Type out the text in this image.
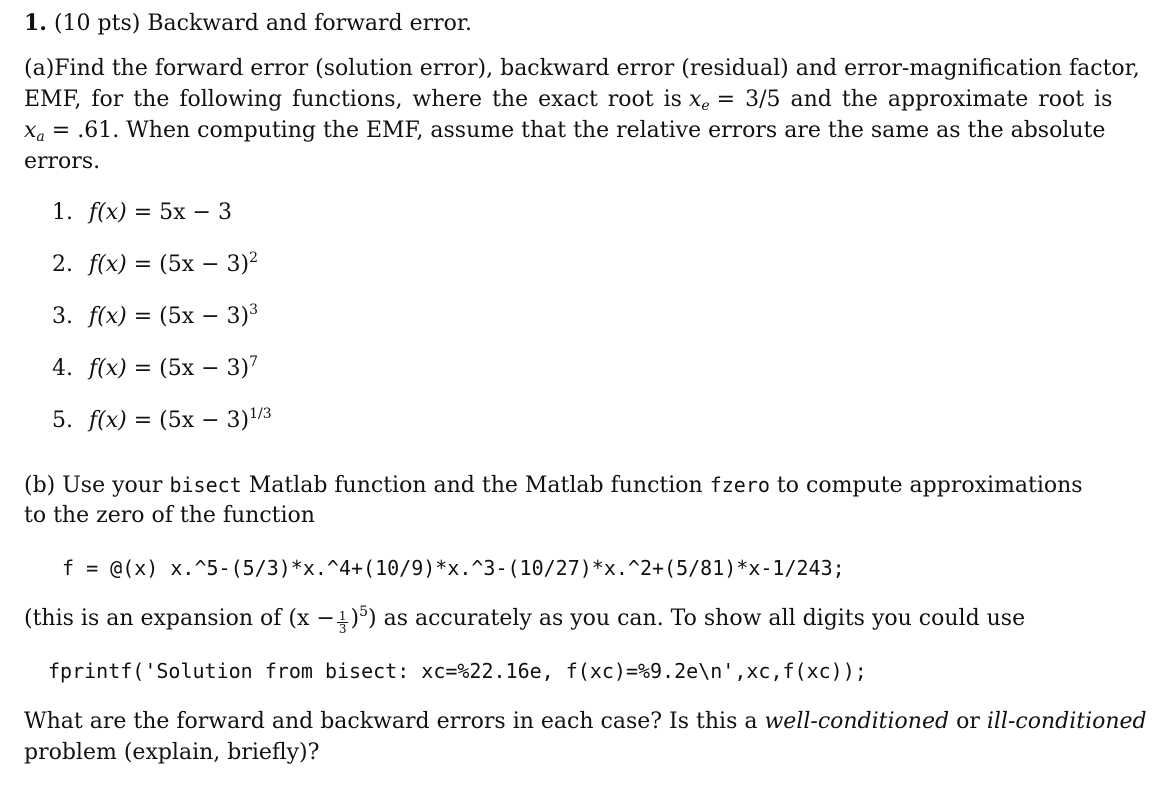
1. (10 pts) Backward and forward error.
(a) Find the forward error (solution error), backward error (residual) and error-magnification factor,
EMF, for the following functions, where the exact root is $x_e = 3/5$ and the approximate root is
$x_a = .61$. When computing the EMF, assume that the relative errors are the same as the absolute
errors.
1. f(x) = 5x − 3
2. $f(x) = (5x - 3)^2$
3. $f(x) = (5x - 3)^3$
4. $f(x) = (5x - 3)^7$
5. $f(x) = (5x - 3)^{1/3}$
(b) Use your bisect Matlab function and the Matlab function fzero to compute approximations
to the zero of the function
f = @(x) x.^5-(5/3)*x.^4+(10/9)*x.^3-(10/27)*x.^2+(5/81)*x-1/243;
(this is an expansion of $(x - \frac{1}{3} )^5$) as accurately as you can. To show all digits you could use
fprintf('Solution from bisect: xc=%22.16e, f(xc)=%9.2e\n',xc,f(xc));
What are the forward and backward errors in each case? Is this a well-conditioned or ill-conditioned
problem (explain, briefly)?
